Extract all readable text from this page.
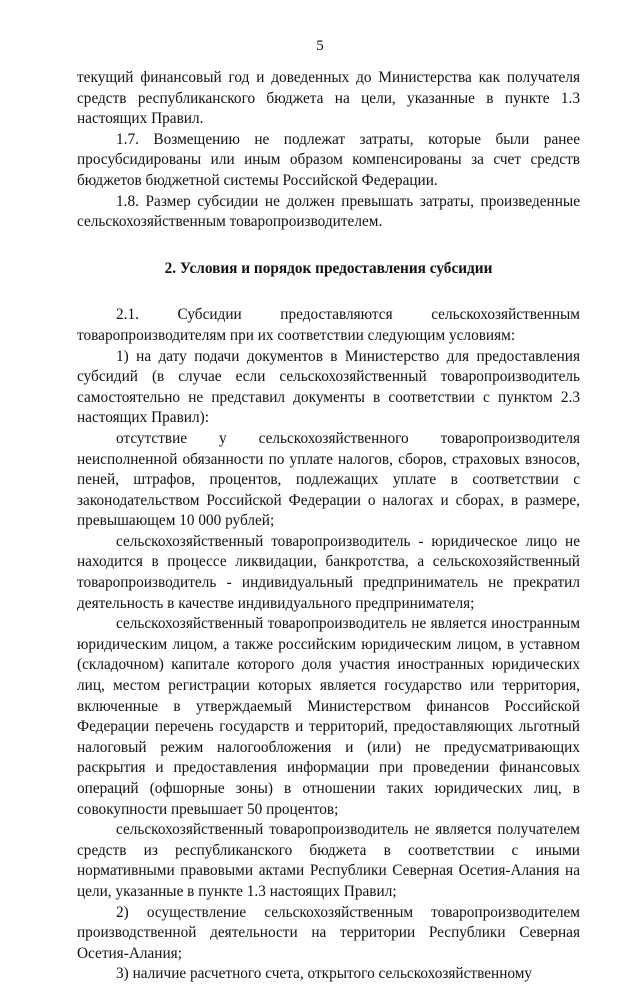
5

текущий финансовый год и доведенных до Министерства как получателя средств республиканского бюджета на цели, указанные в пункте 1.3 настоящих Правил.

1.7. Возмещению не подлежат затраты, которые были ранее просубсидированы или иным образом компенсированы за счет средств бюджетов бюджетной системы Российской Федерации.

1.8. Размер субсидии не должен превышать затраты, произведенные сельскохозяйственным товаропроизводителем.

2. Условия и порядок предоставления субсидии

2.1. Субсидии предоставляются сельскохозяйственным товаропроизводителям при их соответствии следующим условиям:

1) на дату подачи документов в Министерство для предоставления субсидий (в случае если сельскохозяйственный товаропроизводитель самостоятельно не представил документы в соответствии с пунктом 2.3 настоящих Правил):

отсутствие у сельскохозяйственного товаропроизводителя неисполненной обязанности по уплате налогов, сборов, страховых взносов, пеней, штрафов, процентов, подлежащих уплате в соответствии с законодательством Российской Федерации о налогах и сборах, в размере, превышающем 10 000 рублей;

сельскохозяйственный товаропроизводитель - юридическое лицо не находится в процессе ликвидации, банкротства, а сельскохозяйственный товаропроизводитель - индивидуальный предприниматель не прекратил деятельность в качестве индивидуального предпринимателя;

сельскохозяйственный товаропроизводитель не является иностранным юридическим лицом, а также российским юридическим лицом, в уставном (складочном) капитале которого доля участия иностранных юридических лиц, местом регистрации которых является государство или территория, включенные в утверждаемый Министерством финансов Российской Федерации перечень государств и территорий, предоставляющих льготный налоговый режим налогообложения и (или) не предусматривающих раскрытия и предоставления информации при проведении финансовых операций (офшорные зоны) в отношении таких юридических лиц, в совокупности превышает 50 процентов;

сельскохозяйственный товаропроизводитель не является получателем средств из республиканского бюджета в соответствии с иными нормативными правовыми актами Республики Северная Осетия-Алания на цели, указанные в пункте 1.3 настоящих Правил;

2) осуществление сельскохозяйственным товаропроизводителем производственной деятельности на территории Республики Северная Осетия-Алания;

3) наличие расчетного счета, открытого сельскохозяйственному
